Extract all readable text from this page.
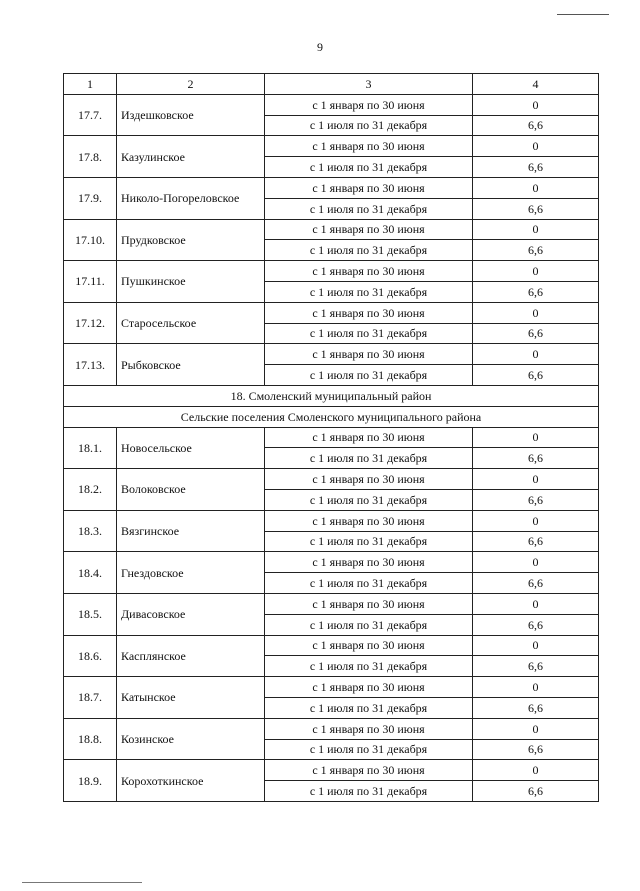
9
1	2	3	4
17.7.	Издешковское	с 1 января по 30 июня	0
		с 1 июля по 31 декабря	6,6
17.8.	Казулинское	с 1 января по 30 июня	0
		с 1 июля по 31 декабря	6,6
17.9.	Николо-Погореловское	с 1 января по 30 июня	0
		с 1 июля по 31 декабря	6,6
17.10.	Прудковское	с 1 января по 30 июня	0
		с 1 июля по 31 декабря	6,6
17.11.	Пушкинское	с 1 января по 30 июня	0
		с 1 июля по 31 декабря	6,6
17.12.	Старосельское	с 1 января по 30 июня	0
		с 1 июля по 31 декабря	6,6
17.13.	Рыбковское	с 1 января по 30 июня	0
		с 1 июля по 31 декабря	6,6
18. Смоленский муниципальный район			
Сельские поселения Смоленского муниципального района			
18.1.	Новосельское	с 1 января по 30 июня	0
		с 1 июля по 31 декабря	6,6
18.2.	Волоковское	с 1 января по 30 июня	0
		с 1 июля по 31 декабря	6,6
18.3.	Вязгинское	с 1 января по 30 июня	0
		с 1 июля по 31 декабря	6,6
18.4.	Гнездовское	с 1 января по 30 июня	0
		с 1 июля по 31 декабря	6,6
18.5.	Дивасовское	с 1 января по 30 июня	0
		с 1 июля по 31 декабря	6,6
18.6.	Касплянское	с 1 января по 30 июня	0
		с 1 июля по 31 декабря	6,6
18.7.	Катынское	с 1 января по 30 июня	0
		с 1 июля по 31 декабря	6,6
18.8.	Козинское	с 1 января по 30 июня	0
		с 1 июля по 31 декабря	6,6
18.9.	Корохоткинское	с 1 января по 30 июня	0
		с 1 июля по 31 декабря	6,6
